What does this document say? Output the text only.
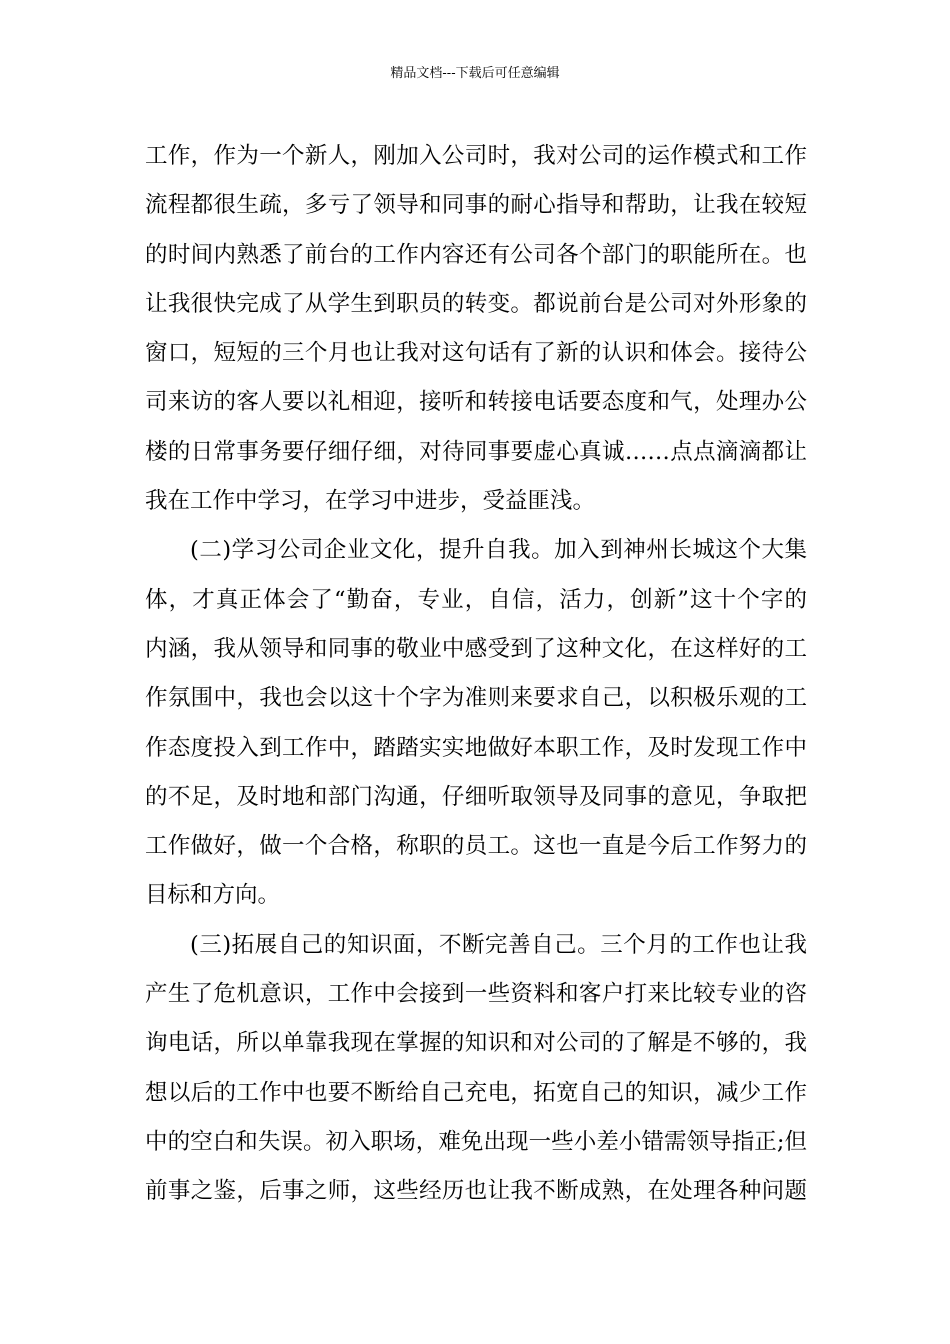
精品文档---下载后可任意编辑
工作，作为一个新人，刚加入公司时，我对公司的运作模式和工作
流程都很生疏，多亏了领导和同事的耐心指导和帮助，让我在较短
的时间内熟悉了前台的工作内容还有公司各个部门的职能所在。也
让我很快完成了从学生到职员的转变。都说前台是公司对外形象的
窗口，短短的三个月也让我对这句话有了新的认识和体会。接待公
司来访的客人要以礼相迎，接听和转接电话要态度和气，处理办公
楼的日常事务要仔细仔细，对待同事要虚心真诚……点点滴滴都让
我在工作中学习，在学习中进步，受益匪浅。
(二)学习公司企业文化，提升自我。加入到神州长城这个大集
体，才真正体会了“勤奋，专业，自信，活力，创新”这十个字的
内涵，我从领导和同事的敬业中感受到了这种文化，在这样好的工
作氛围中，我也会以这十个字为准则来要求自己，以积极乐观的工
作态度投入到工作中，踏踏实实地做好本职工作，及时发现工作中
的不足，及时地和部门沟通，仔细听取领导及同事的意见，争取把
工作做好，做一个合格，称职的员工。这也一直是今后工作努力的
目标和方向。
(三)拓展自己的知识面，不断完善自己。三个月的工作也让我
产生了危机意识，工作中会接到一些资料和客户打来比较专业的咨
询电话，所以单靠我现在掌握的知识和对公司的了解是不够的，我
想以后的工作中也要不断给自己充电，拓宽自己的知识，减少工作
中的空白和失误。初入职场，难免出现一些小差小错需领导指正;但
前事之鉴，后事之师，这些经历也让我不断成熟，在处理各种问题
